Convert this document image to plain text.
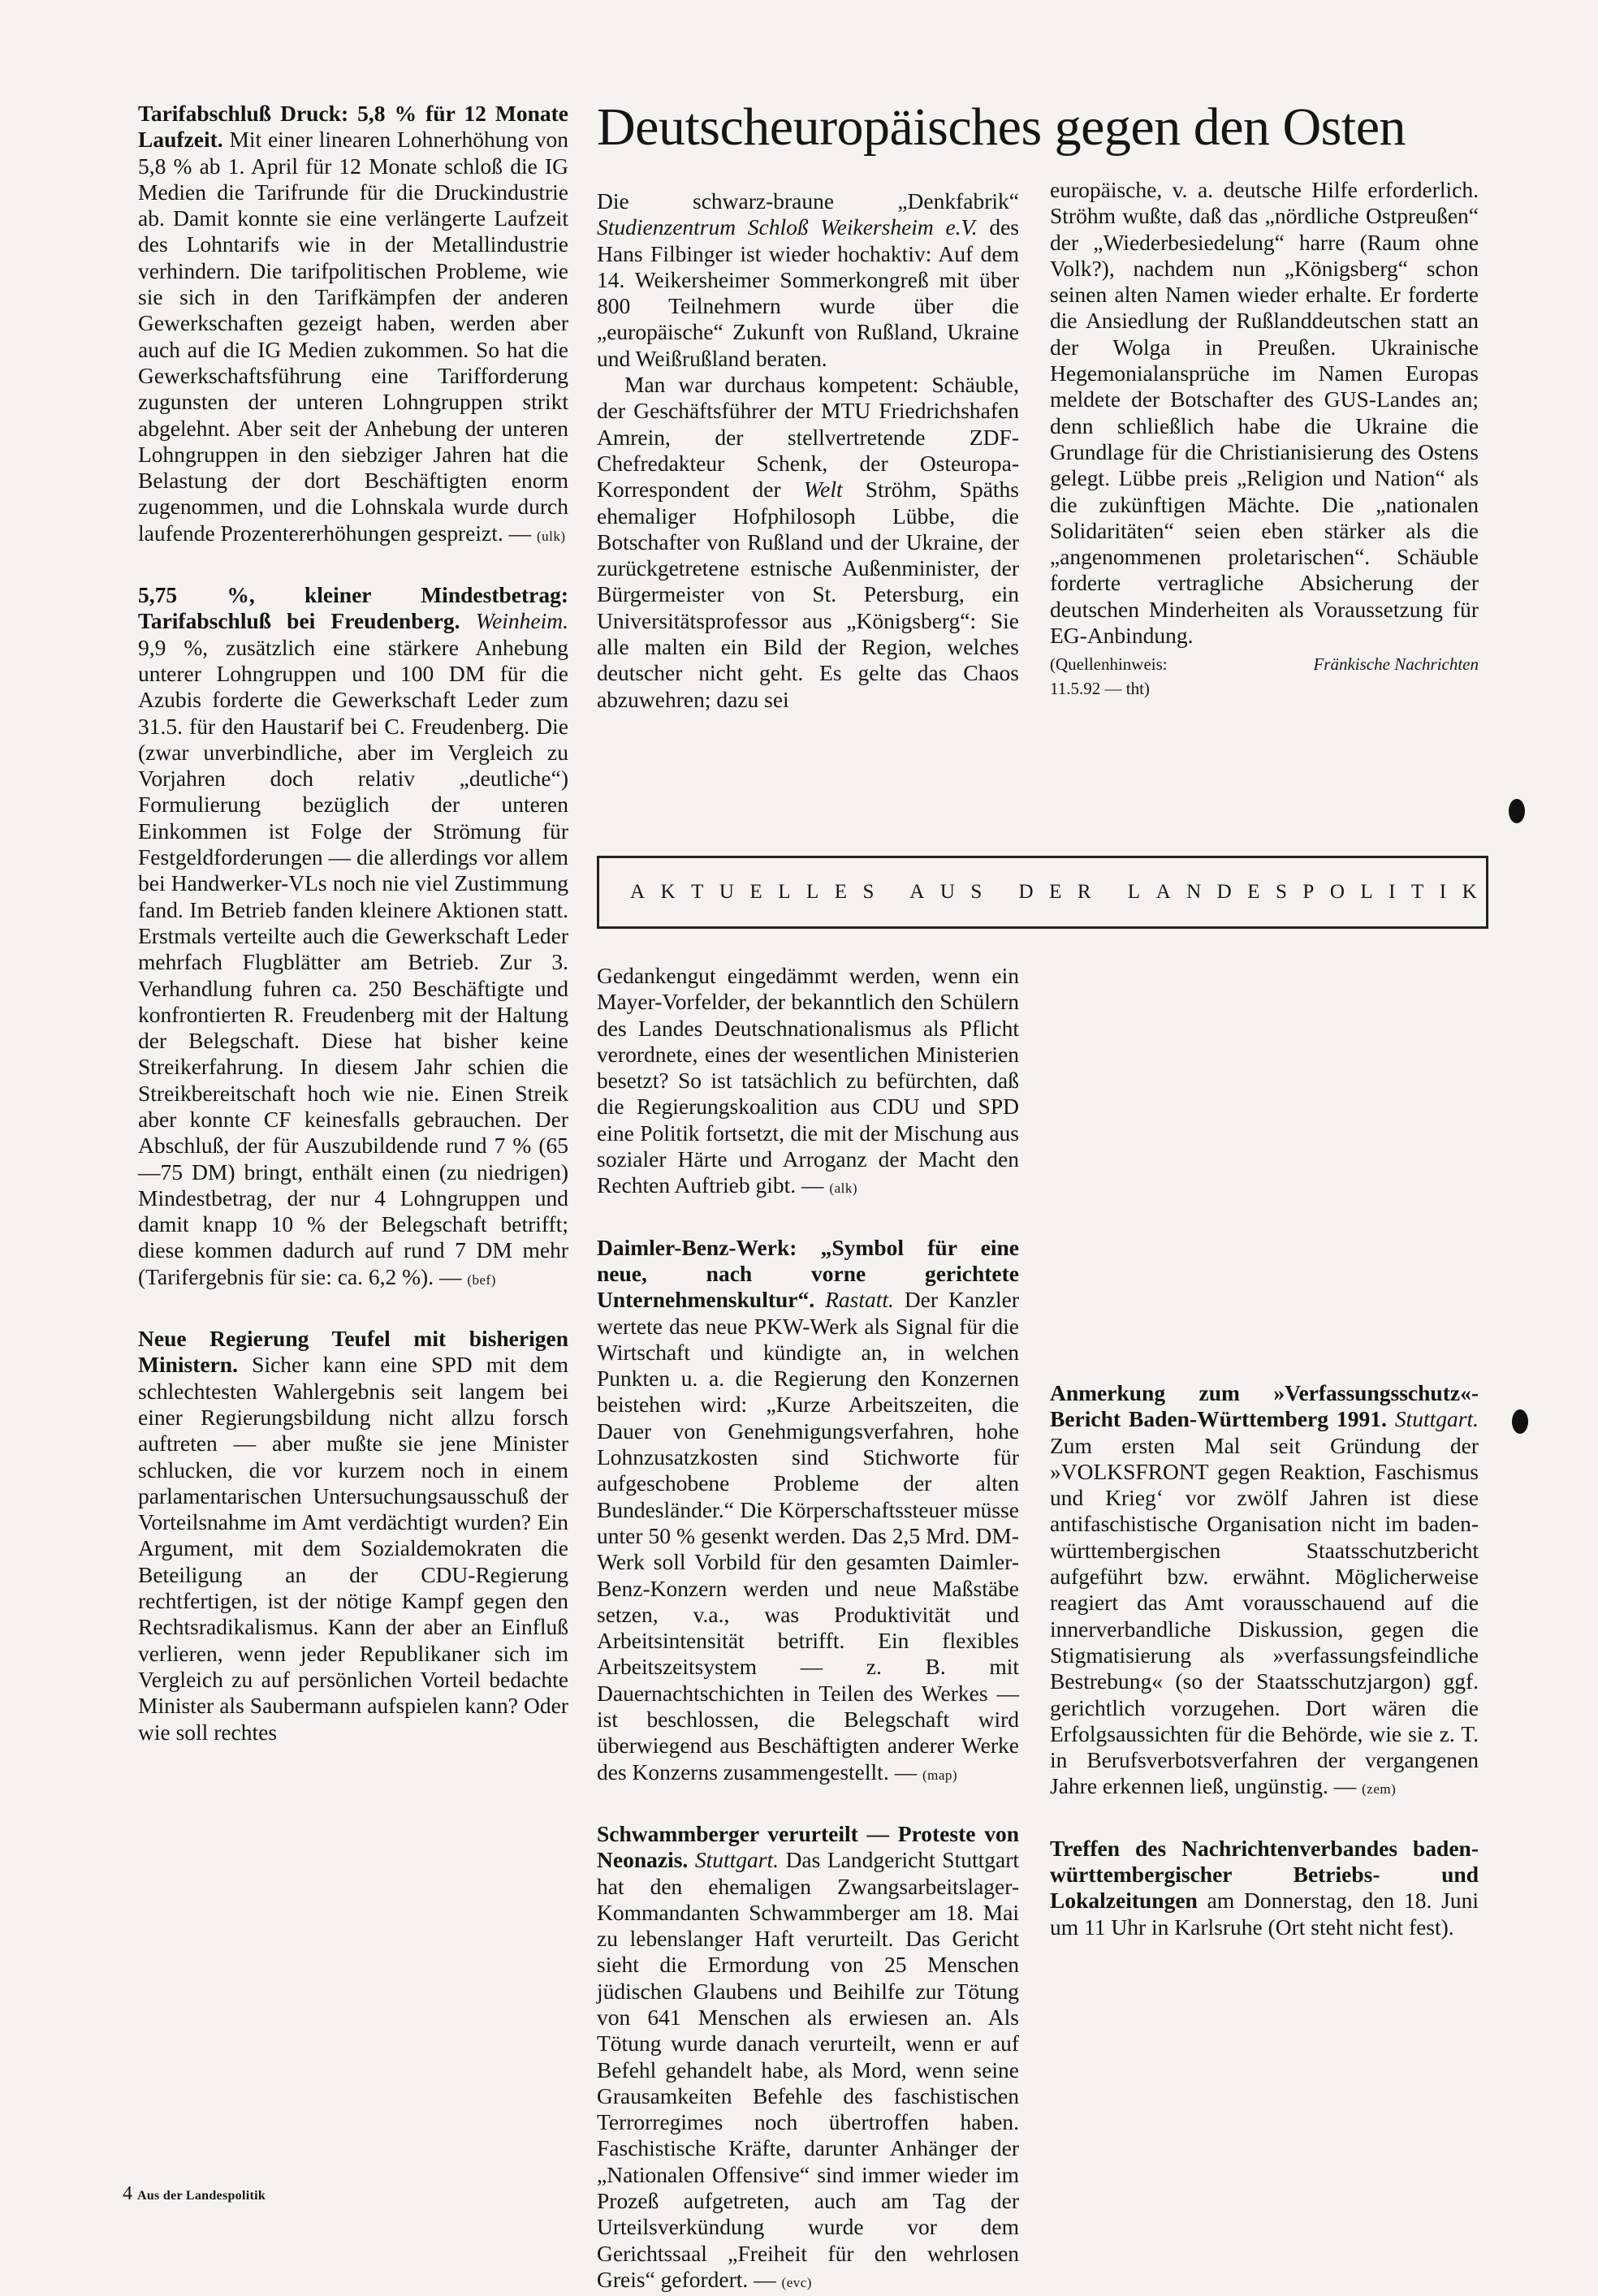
Tarifabschluß Druck: 5,8 % für 12 Monate Laufzeit. Mit einer linearen Lohnerhöhung von 5,8 % ab 1. April für 12 Monate schloß die IG Medien die Tarifrunde für die Druckindustrie ab. Damit konnte sie eine verlängerte Laufzeit des Lohntarifs wie in der Metallindustrie verhindern. Die tarifpolitischen Probleme, wie sie sich in den Tarifkämpfen der anderen Gewerkschaften gezeigt haben, werden aber auch auf die IG Medien zukommen. So hat die Gewerkschaftsführung eine Tarifforderung zugunsten der unteren Lohngruppen strikt abgelehnt. Aber seit der Anhebung der unteren Lohngruppen in den siebziger Jahren hat die Belastung der dort Beschäftigten enorm zugenommen, und die Lohnskala wurde durch laufende Prozentererhöhungen gespreizt. — (ulk)

5,75 %, kleiner Mindestbetrag: Tarifabschluß bei Freudenberg. Weinheim. 9,9 %, zusätzlich eine stärkere Anhebung unterer Lohngruppen und 100 DM für die Azubis forderte die Gewerkschaft Leder zum 31.5. für den Haustarif bei C. Freudenberg. Die (zwar unverbindliche, aber im Vergleich zu Vorjahren doch relativ „deutliche“) Formulierung bezüglich der unteren Einkommen ist Folge der Strömung für Festgeldforderungen — die allerdings vor allem bei Handwerker-VLs noch nie viel Zustimmung fand. Im Betrieb fanden kleinere Aktionen statt. Erstmals verteilte auch die Gewerkschaft Leder mehrfach Flugblätter am Betrieb. Zur 3. Verhandlung fuhren ca. 250 Beschäftigte und konfrontierten R. Freudenberg mit der Haltung der Belegschaft. Diese hat bisher keine Streikerfahrung. In diesem Jahr schien die Streikbereitschaft hoch wie nie. Einen Streik aber konnte CF keinesfalls gebrauchen. Der Abschluß, der für Auszubildende rund 7 % (65—75 DM) bringt, enthält einen (zu niedrigen) Mindestbetrag, der nur 4 Lohngruppen und damit knapp 10 % der Belegschaft betrifft; diese kommen dadurch auf rund 7 DM mehr (Tarifergebnis für sie: ca. 6,2 %). — (bef)

Neue Regierung Teufel mit bisherigen Ministern. Sicher kann eine SPD mit dem schlechtesten Wahlergebnis seit langem bei einer Regierungsbildung nicht allzu forsch auftreten — aber mußte sie jene Minister schlucken, die vor kurzem noch in einem parlamentarischen Untersuchungsausschuß der Vorteilsnahme im Amt verdächtigt wurden? Ein Argument, mit dem Sozialdemokraten die Beteiligung an der CDU-Regierung rechtfertigen, ist der nötige Kampf gegen den Rechtsradikalismus. Kann der aber an Einfluß verlieren, wenn jeder Republikaner sich im Vergleich zu auf persönlichen Vorteil bedachte Minister als Saubermann aufspielen kann? Oder wie soll rechtes

Deutscheuropäisches gegen den Osten

Die schwarz-braune „Denkfabrik“ Studienzentrum Schloß Weikersheim e.V. des Hans Filbinger ist wieder hochaktiv: Auf dem 14. Weikersheimer Sommerkongreß mit über 800 Teilnehmern wurde über die „europäische“ Zukunft von Rußland, Ukraine und Weißrußland beraten.

Man war durchaus kompetent: Schäuble, der Geschäftsführer der MTU Friedrichshafen Amrein, der stellvertretende ZDF-Chefredakteur Schenk, der Osteuropa-Korrespondent der Welt Ströhm, Späths ehemaliger Hofphilosoph Lübbe, die Botschafter von Rußland und der Ukraine, der zurückgetretene estnische Außenminister, der Bürgermeister von St. Petersburg, ein Universitätsprofessor aus „Königsberg“: Sie alle malten ein Bild der Region, welches deutscher nicht geht. Es gelte das Chaos abzuwehren; dazu sei

europäische, v. a. deutsche Hilfe erforderlich. Ströhm wußte, daß das „nördliche Ostpreußen“ der „Wiederbesiedelung“ harre (Raum ohne Volk?), nachdem nun „Königsberg“ schon seinen alten Namen wieder erhalte. Er forderte die Ansiedlung der Rußlanddeutschen statt an der Wolga in Preußen. Ukrainische Hegemonialansprüche im Namen Europas meldete der Botschafter des GUS-Landes an; denn schließlich habe die Ukraine die Grundlage für die Christianisierung des Ostens gelegt. Lübbe preis „Religion und Nation“ als die zukünftigen Mächte. Die „nationalen Solidaritäten“ seien eben stärker als die „angenommenen proletarischen“. Schäuble forderte vertragliche Absicherung der deutschen Minderheiten als Voraussetzung für EG-Anbindung.

(Quellenhinweis:	Fränkische Nachrichten
11.5.92 — tht)
AKTUELLES AUS DER LANDESPOLITIK

Gedankengut eingedämmt werden, wenn ein Mayer-Vorfelder, der bekanntlich den Schülern des Landes Deutschnationalismus als Pflicht verordnete, eines der wesentlichen Ministerien besetzt? So ist tatsächlich zu befürchten, daß die Regierungskoalition aus CDU und SPD eine Politik fortsetzt, die mit der Mischung aus sozialer Härte und Arroganz der Macht den Rechten Auftrieb gibt. — (alk)

Daimler-Benz-Werk: „Symbol für eine neue, nach vorne gerichtete Unternehmenskultur“. Rastatt. Der Kanzler wertete das neue PKW-Werk als Signal für die Wirtschaft und kündigte an, in welchen Punkten u. a. die Regierung den Konzernen beistehen wird: „Kurze Arbeitszeiten, die Dauer von Genehmigungsverfahren, hohe Lohnzusatzkosten sind Stichworte für aufgeschobene Probleme der alten Bundesländer.“ Die Körperschaftssteuer müsse unter 50 % gesenkt werden. Das 2,5 Mrd. DM-Werk soll Vorbild für den gesamten Daimler-Benz-Konzern werden und neue Maßstäbe setzen, v.a., was Produktivität und Arbeitsintensität betrifft. Ein flexibles Arbeitszeitsystem — z. B. mit Dauernachtschichten in Teilen des Werkes — ist beschlossen, die Belegschaft wird überwiegend aus Beschäftigten anderer Werke des Konzerns zusammengestellt. — (map)

Schwammberger verurteilt — Proteste von Neonazis. Stuttgart. Das Landgericht Stuttgart hat den ehemaligen Zwangsarbeitslager-Kommandanten Schwammberger am 18. Mai zu lebenslanger Haft verurteilt. Das Gericht sieht die Ermordung von 25 Menschen jüdischen Glaubens und Beihilfe zur Tötung von 641 Menschen als erwiesen an. Als Tötung wurde danach verurteilt, wenn er auf Befehl gehandelt habe, als Mord, wenn seine Grausamkeiten Befehle des faschistischen Terrorregimes noch übertroffen haben. Faschistische Kräfte, darunter Anhänger der „Nationalen Offensive“ sind immer wieder im Prozeß aufgetreten, auch am Tag der Urteilsverkündung wurde vor dem Gerichtssaal „Freiheit für den wehrlosen Greis“ gefordert. — (evc)

Anmerkung zum »Verfassungsschutz«-Bericht Baden-Württemberg 1991. Stuttgart. Zum ersten Mal seit Gründung der »VOLKSFRONT gegen Reaktion, Faschismus und Krieg‘ vor zwölf Jahren ist diese antifaschistische Organisation nicht im baden-württembergischen Staatsschutzbericht aufgeführt bzw. erwähnt. Möglicherweise reagiert das Amt vorausschauend auf die innerverbandliche Diskussion, gegen die Stigmatisierung als »verfassungsfeindliche Bestrebung« (so der Staatsschutzjargon) ggf. gerichtlich vorzugehen. Dort wären die Erfolgsaussichten für die Behörde, wie sie z. T. in Berufsverbotsverfahren der vergangenen Jahre erkennen ließ, ungünstig. — (zem)

Treffen des Nachrichtenverbandes baden-württembergischer Betriebs- und Lokalzeitungen am Donnerstag, den 18. Juni um 11 Uhr in Karlsruhe (Ort steht nicht fest).

4 Aus der Landespolitik
